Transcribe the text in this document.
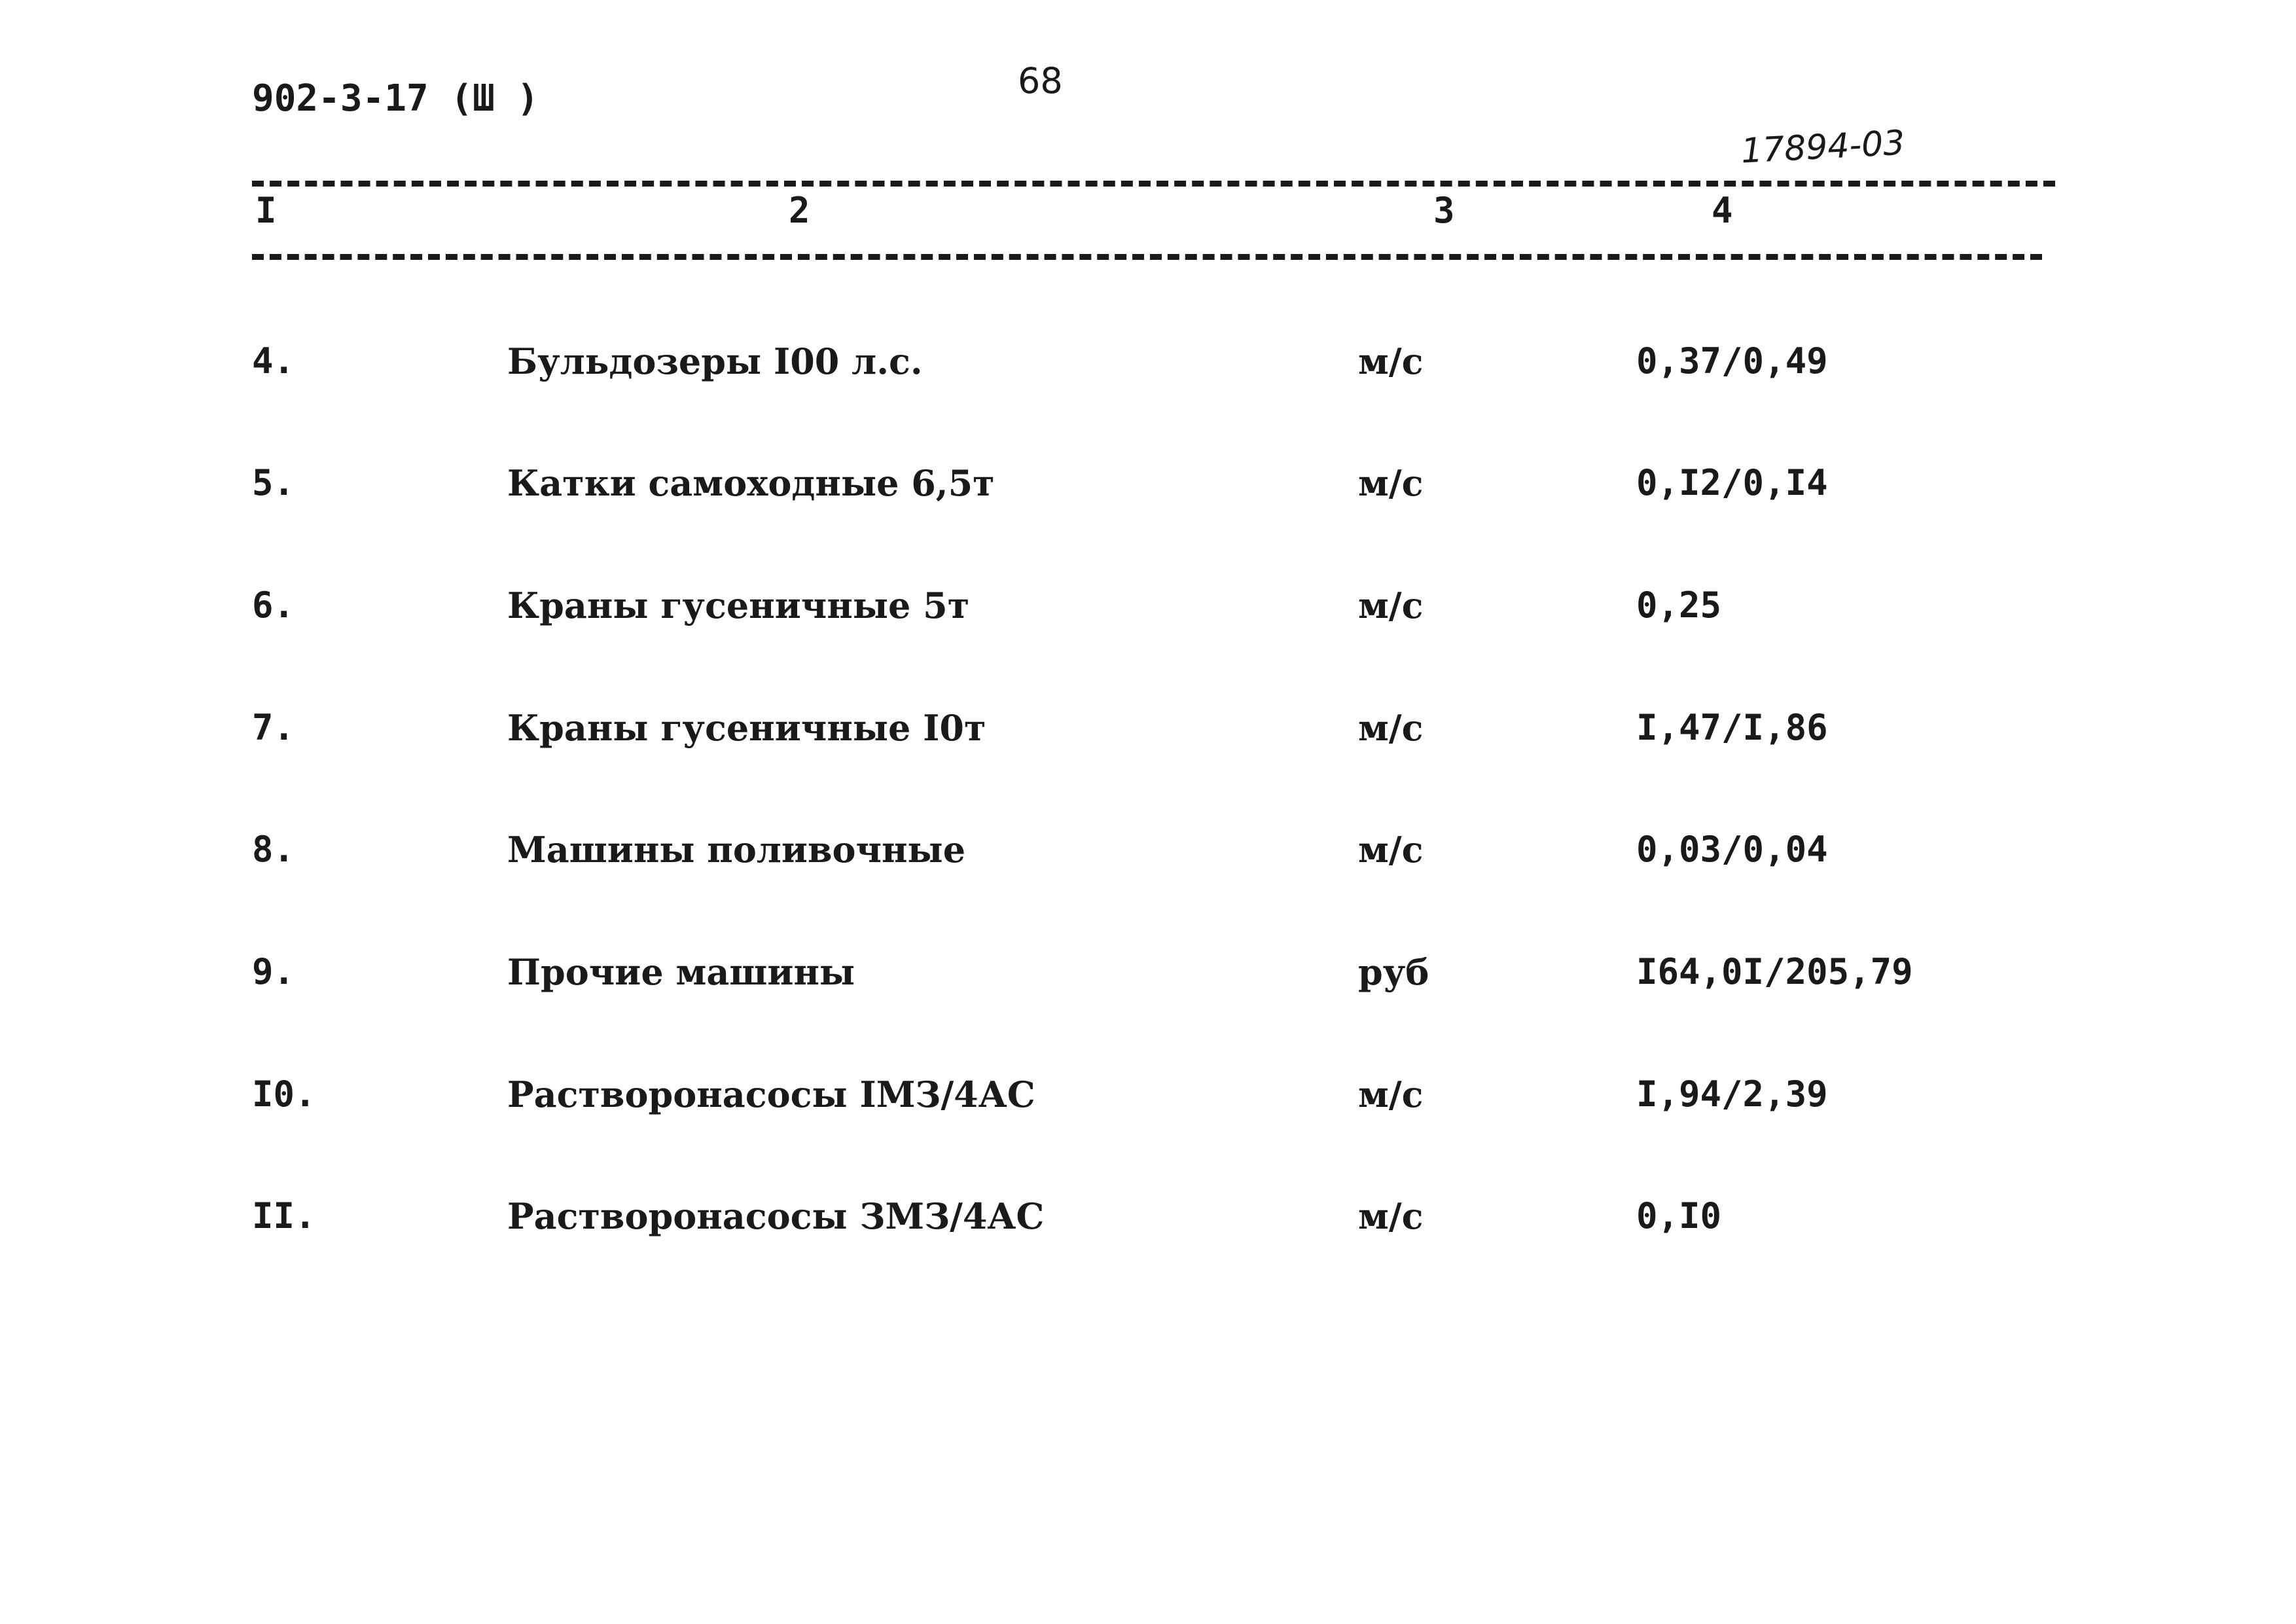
902-3-17 (Ш )	68
17894-03
I	2	3	4
4.	Бульдозеры I00 л.с.	м/с	0,37/0,49
5.	Катки самоходные 6,5т	м/с	0,I2/0,I4
6.	Краны гусеничные 5т	м/с	0,25
7.	Краны гусеничные I0т	м/с	I,47/I,86
8.	Машины поливочные	м/с	0,03/0,04
9.	Прочие машины	руб	I64,0I/205,79
I0.	Растворонасосы IМЗ/4АС	м/с	I,94/2,39
II.	Растворонасосы ЗМЗ/4АС	м/с	0,I0
